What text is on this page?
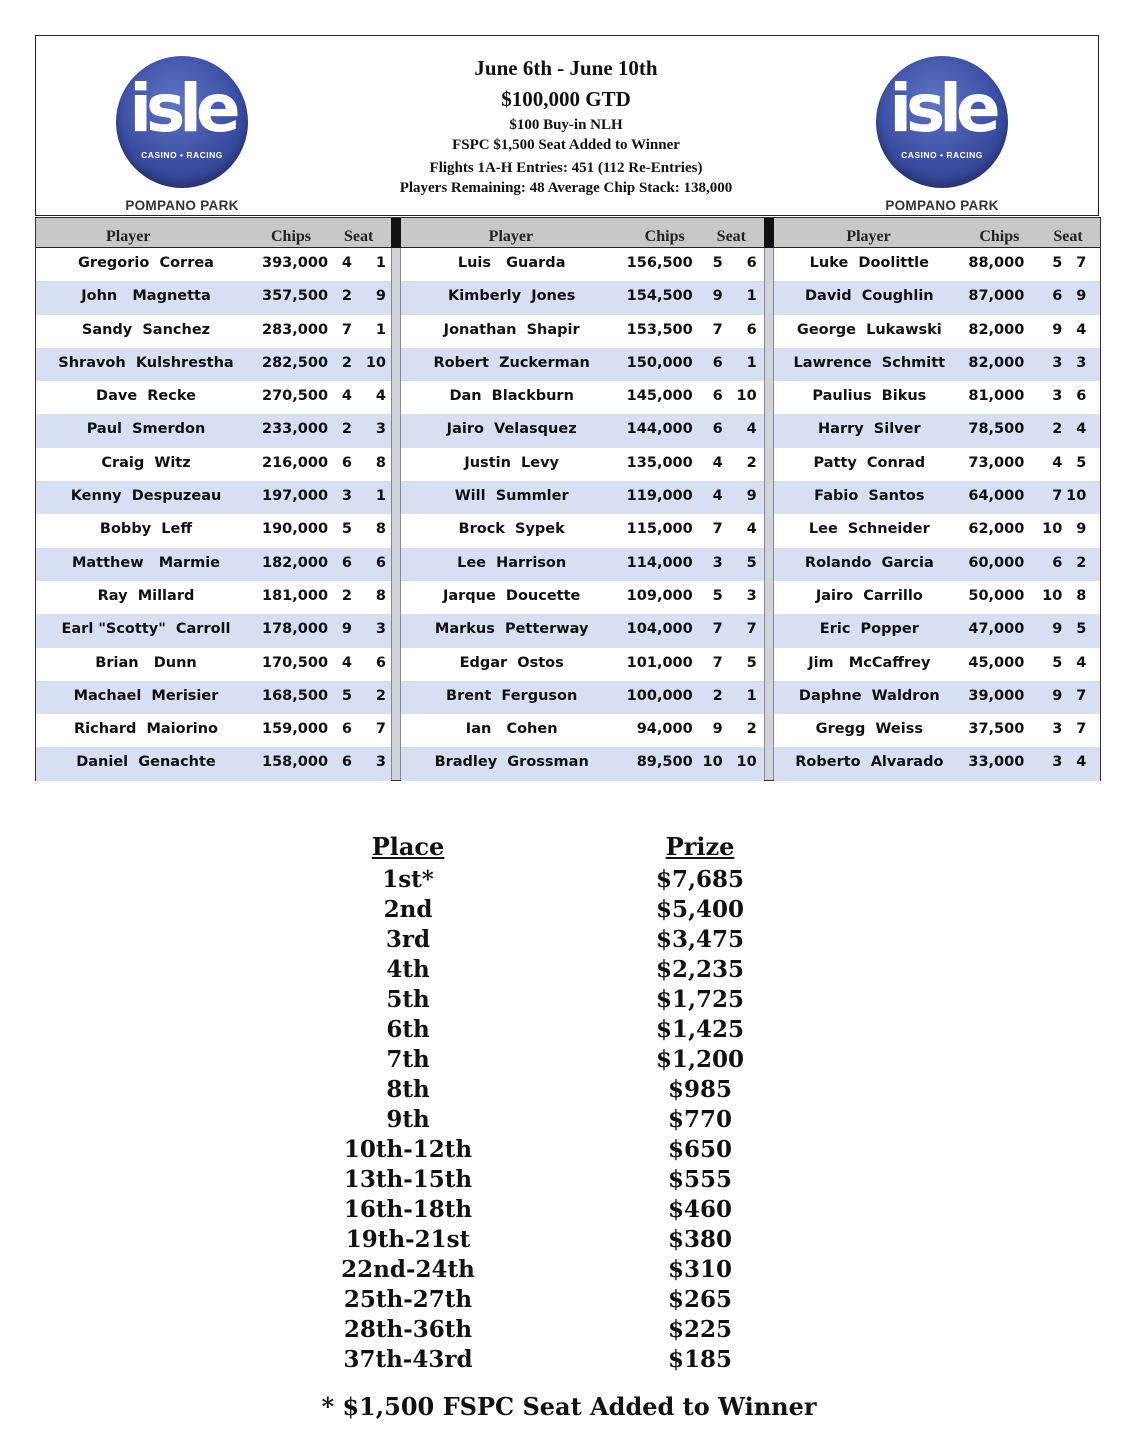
isle
CASINO • RACING
POMPANO PARK
June 6th - June 10th
$100,000 GTD
$100 Buy-in NLH
FSPC $1,500 Seat Added to Winner
Flights 1A-H Entries: 451 (112 Re-Entries)
Players Remaining: 48 Average Chip Stack: 138,000
isle
CASINO • RACING
POMPANO PARK
Player	Chips Seat
Gregorio  Correa	393,000 4	1
John   Magnetta	357,500 2	9
Sandy  Sanchez	283,000 7	1
Shravoh  Kulshrestha	282,500 2 10
Dave  Recke	270,500 4	4
Paul  Smerdon	233,000 2	3
Craig  Witz	216,000 6	8
Kenny  Despuzeau	197,000 3	1
Bobby  Leff	190,000 5	8
Matthew   Marmie	182,000 6	6
Ray  Millard	181,000 2	8
Earl "Scotty"  Carroll	178,000 9	3
Brian   Dunn	170,500 4	6
Machael  Merisier	168,500 5	2
Richard  Maiorino	159,000 6	7
Daniel  Genachte	158,000 6	3
Player	Chips Seat
Luis   Guarda	156,500	5	6
Kimberly  Jones	154,500	9	1
Jonathan  Shapir	153,500	7	6
Robert  Zuckerman	150,000	6	1
Dan  Blackburn	145,000	6 10
Jairo  Velasquez	144,000	6	4
Justin  Levy	135,000	4	2
Will  Summler	119,000	4	9
Brock  Sypek	115,000	7	4
Lee  Harrison	114,000	3	5
Jarque  Doucette	109,000	5	3
Markus  Petterway	104,000	7	7
Edgar  Ostos	101,000	7	5
Brent  Ferguson	100,000	2	1
Ian   Cohen	94,000	9	2
Bradley  Grossman	89,500 10 10
Player	Chips Seat
Luke  Doolittle	88,000	5 7
David  Coughlin	87,000	6 9
George  Lukawski	82,000	9 4
Lawrence  Schmitt	82,000	3 3
Paulius  Bikus	81,000	3 6
Harry  Silver	78,500	2 4
Patty  Conrad	73,000	4 5
Fabio  Santos	64,000	7 10
Lee  Schneider	62,000	10 9
Rolando  Garcia	60,000	6 2
Jairo  Carrillo	50,000	10 8
Eric  Popper	47,000	9 5
Jim   McCaffrey	45,000	5 4
Daphne  Waldron	39,000	9 7
Gregg  Weiss	37,500	3 7
Roberto  Alvarado	33,000	3 4
Place	Prize
1st*	$7,685
2nd	$5,400
3rd	$3,475
4th	$2,235
5th	$1,725
6th	$1,425
7th	$1,200
8th	$985
9th	$770
10th-12th	$650
13th-15th	$555
16th-18th	$460
19th-21st	$380
22nd-24th	$310
25th-27th	$265
28th-36th	$225
37th-43rd	$185
* $1,500 FSPC Seat Added to Winner
